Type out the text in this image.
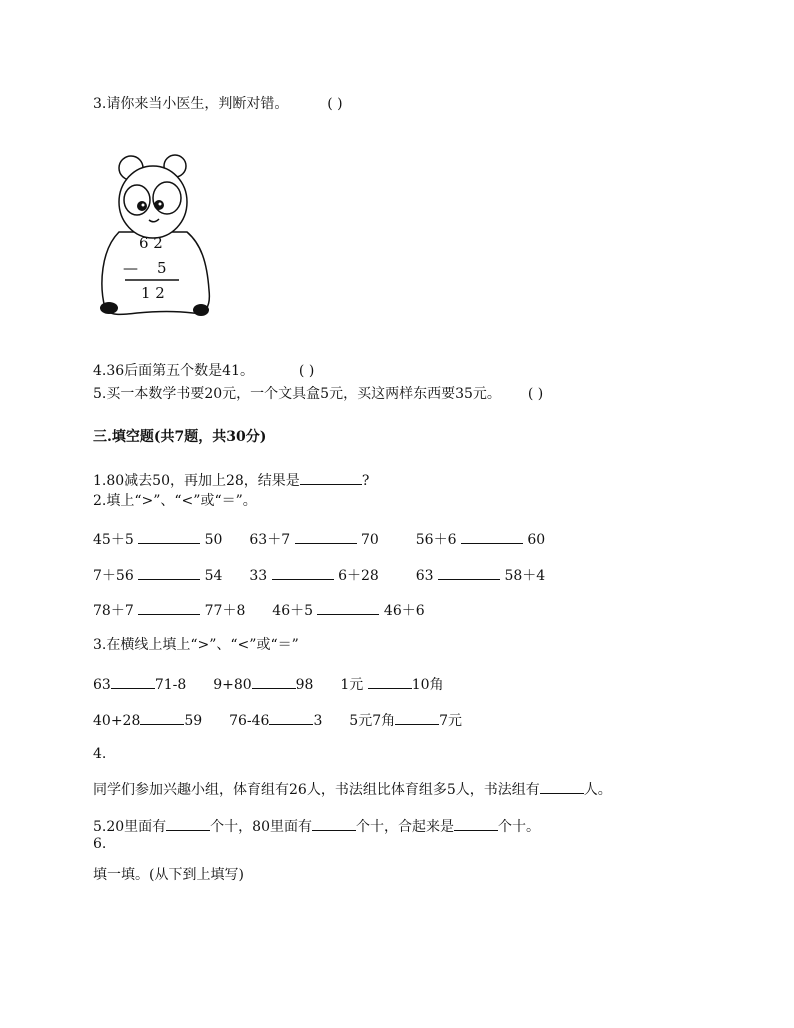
3.请你来当小医生，判断对错。	( )
6 2
— 5
1 2
4.36后面第五个数是41。	( )
5.买一本数学书要20元，一个文具盒5元，买这两样东西要35元。 ( )
三.填空题(共7题，共30分)
1.80减去50，再加上28，结果是	?
2.填上“>”、“<”或“＝”。
45＋5	50 63＋7	70	56＋6	60
7＋56	54 33	6＋28	63	58＋4
78＋7	77＋8 46＋5	46＋6
3.在横线上填上“>”、“<”或“＝”
63	71-8 9+80	98 1元	10角
40+28	59 76-46	3 5元7角	7元
4.
同学们参加兴趣小组，体育组有26人，书法组比体育组多5人，书法组有	人。
5.20里面有	个十，80里面有	个十，合起来是	个十。
6.
填一填。(从下到上填写)
